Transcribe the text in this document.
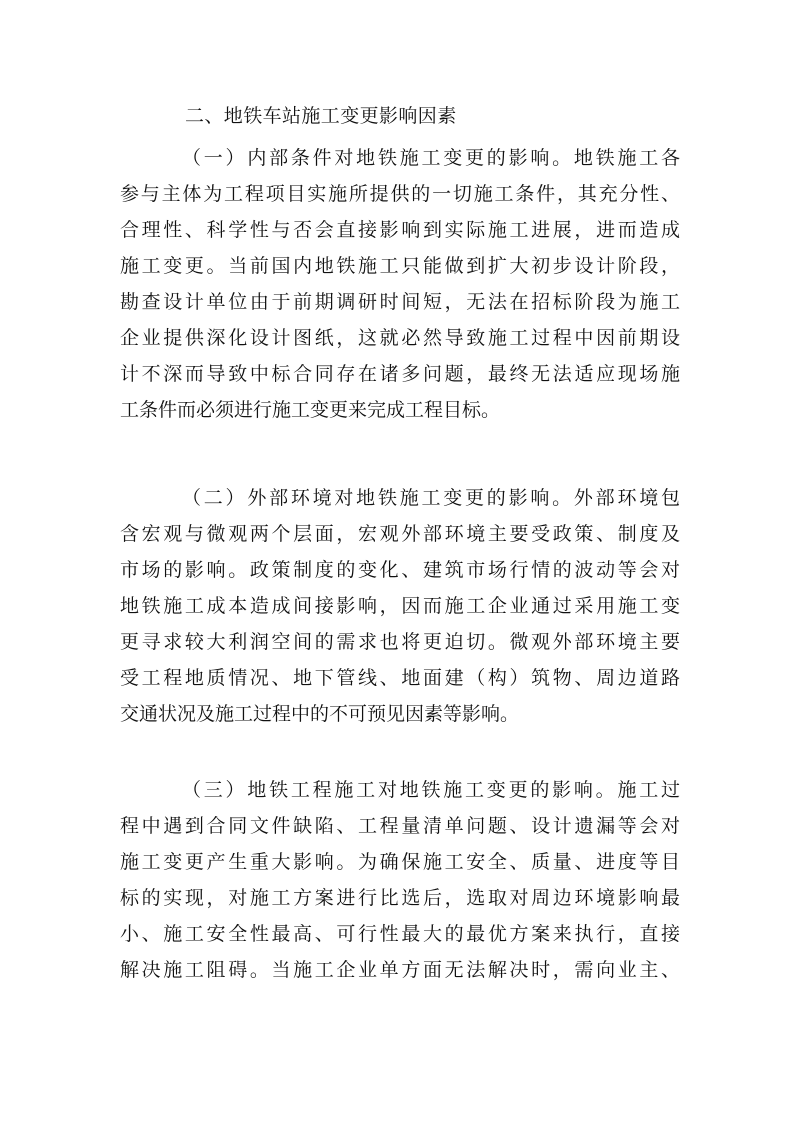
二、地铁车站施工变更影响因素
（一）内部条件对地铁施工变更的影响。地铁施工各
参与主体为工程项目实施所提供的一切施工条件，其充分性、
合理性、科学性与否会直接影响到实际施工进展，进而造成
施工变更。当前国内地铁施工只能做到扩大初步设计阶段，
勘查设计单位由于前期调研时间短，无法在招标阶段为施工
企业提供深化设计图纸，这就必然导致施工过程中因前期设
计不深而导致中标合同存在诸多问题，最终无法适应现场施
工条件而必须进行施工变更来完成工程目标。
（二）外部环境对地铁施工变更的影响。外部环境包
含宏观与微观两个层面，宏观外部环境主要受政策、制度及
市场的影响。政策制度的变化、建筑市场行情的波动等会对
地铁施工成本造成间接影响，因而施工企业通过采用施工变
更寻求较大利润空间的需求也将更迫切。微观外部环境主要
受工程地质情况、地下管线、地面建（构）筑物、周边道路
交通状况及施工过程中的不可预见因素等影响。
（三）地铁工程施工对地铁施工变更的影响。施工过
程中遇到合同文件缺陷、工程量清单问题、设计遗漏等会对
施工变更产生重大影响。为确保施工安全、质量、进度等目
标的实现，对施工方案进行比选后，选取对周边环境影响最
小、施工安全性最高、可行性最大的最优方案来执行，直接
解决施工阻碍。当施工企业单方面无法解决时，需向业主、
